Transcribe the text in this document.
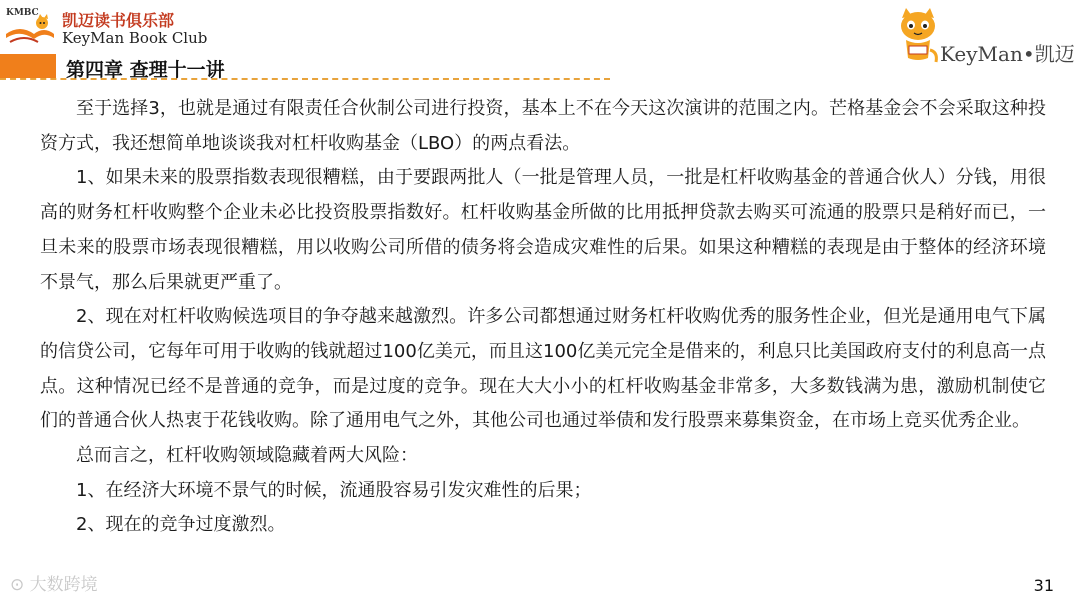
KMBC 凯迈读书俱乐部
KeyMan Book Club
第四章 查理十一讲
KeyMan•凯迈

至于选择3，也就是通过有限责任合伙制公司进行投资，基本上不在今天这次演讲的范围之内。芒格基金会不会采取这种投资方式，我还想简单地谈谈我对杠杆收购基金（LBO）的两点看法。

1、如果未来的股票指数表现很糟糕，由于要跟两批人（一批是管理人员，一批是杠杆收购基金的普通合伙人）分钱，用很高的财务杠杆收购整个企业未必比投资股票指数好。杠杆收购基金所做的比用抵押贷款去购买可流通的股票只是稍好而已，一旦未来的股票市场表现很糟糕，用以收购公司所借的债务将会造成灾难性的后果。如果这种糟糕的表现是由于整体的经济环境不景气，那么后果就更严重了。

2、现在对杠杆收购候选项目的争夺越来越激烈。许多公司都想通过财务杠杆收购优秀的服务性企业，但光是通用电气下属的信贷公司，它每年可用于收购的钱就超过100亿美元，而且这100亿美元完全是借来的，利息只比美国政府支付的利息高一点点。这种情况已经不是普通的竞争，而是过度的竞争。现在大大小小的杠杆收购基金非常多，大多数钱满为患，激励机制使它们的普通合伙人热衷于花钱收购。除了通用电气之外，其他公司也通过举债和发行股票来募集资金，在市场上竞买优秀企业。

总而言之，杠杆收购领域隐藏着两大风险：

1、在经济大环境不景气的时候，流通股容易引发灾难性的后果；

2、现在的竞争过度激烈。

⊙ 大数跨境	31
